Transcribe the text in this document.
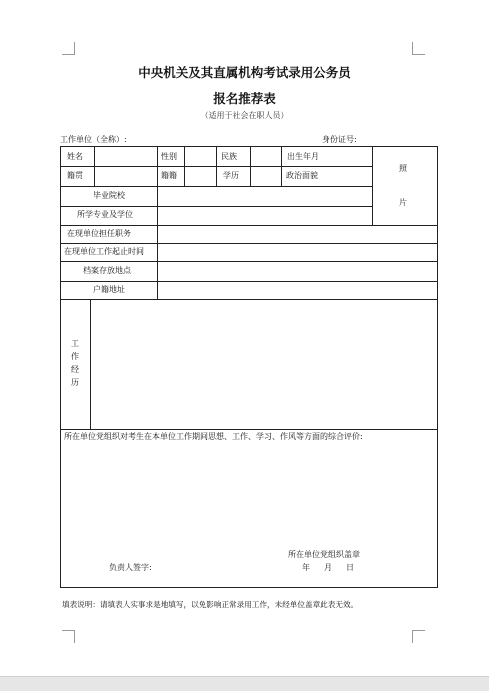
中央机关及其直属机构考试录用公务员
报名推荐表
（适用于社会在职人员）
工作单位（全称）:	身份证号:
姓名	性别	民族	出生年月
籍贯	籍籍	学历	政治面貌
照
片
毕业院校
所学专业及学位
在现单位担任职务
在现单位工作起止时间
档案存放地点
户籍地址
工作经历
所在单位党组织对考生在本单位工作期间思想、工作、学习、作风等方面的综合评价:
所在单位党组织盖章
负责人签字:	年 月 日
填表说明：请填表人实事求是地填写，以免影响正常录用工作，未经单位盖章此表无效。
